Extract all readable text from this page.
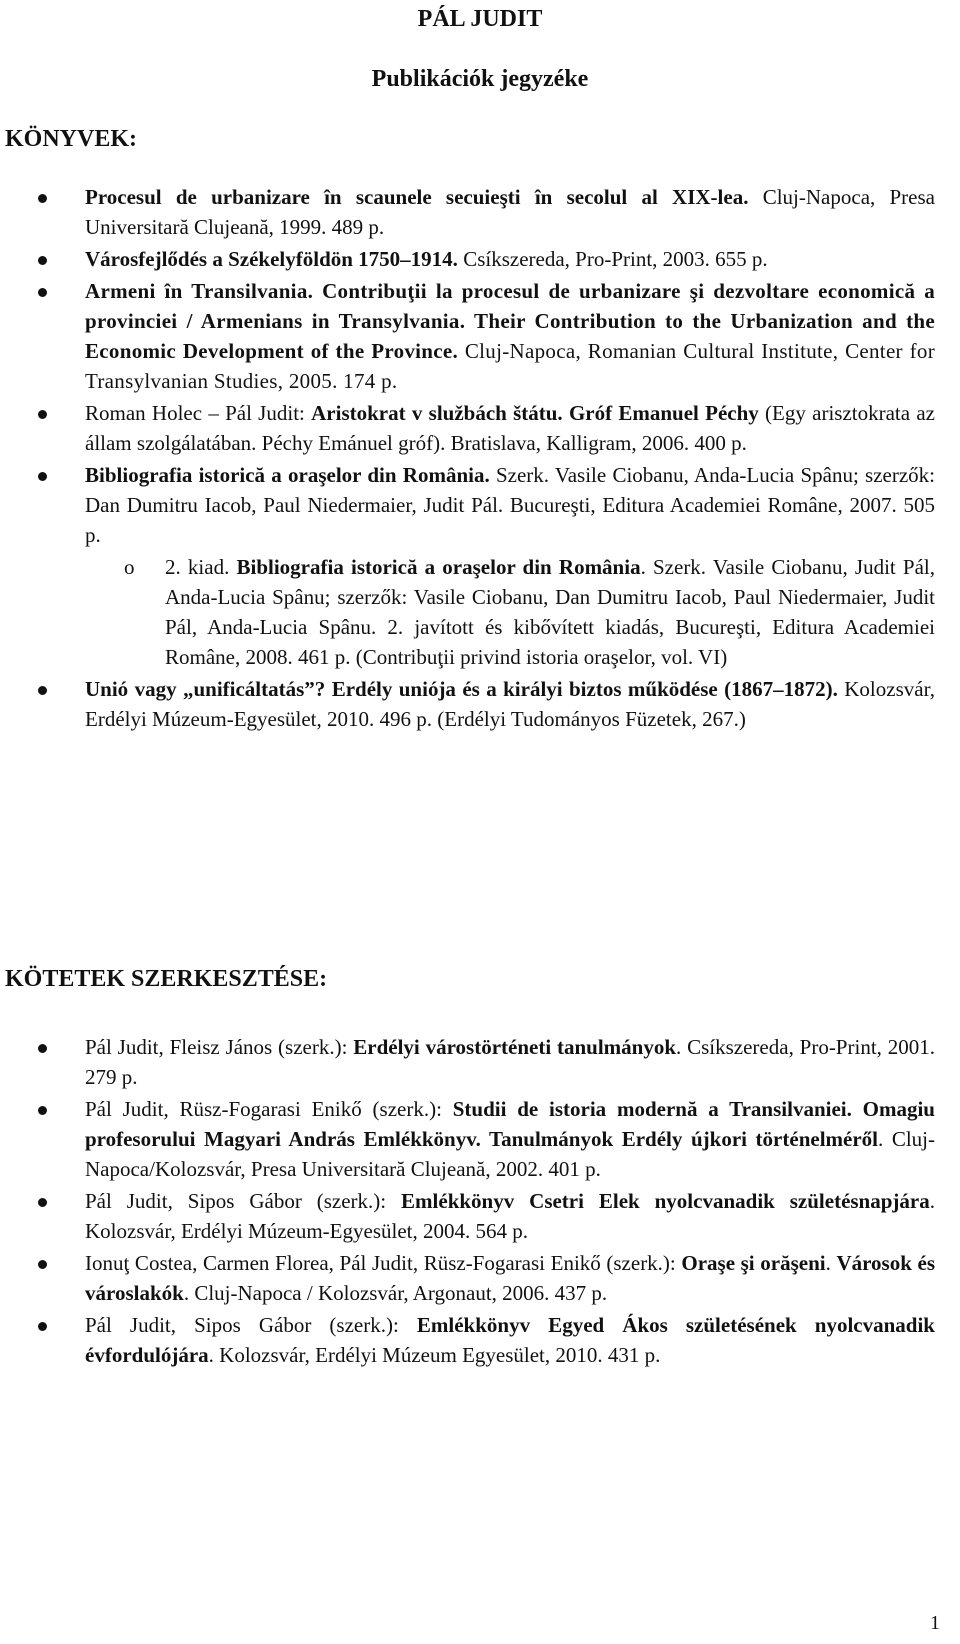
PÁL JUDIT
Publikációk jegyzéke
KÖNYVEK:
Procesul de urbanizare în scaunele secuieşti în secolul al XIX-lea. Cluj-Napoca, Presa Universitară Clujeană, 1999. 489 p.
Városfejlődés a Székelyföldön 1750–1914. Csíkszereda, Pro-Print, 2003. 655 p.
Armeni în Transilvania. Contribuţii la procesul de urbanizare şi dezvoltare economică a provinciei / Armenians in Transylvania. Their Contribution to the Urbanization and the Economic Development of the Province. Cluj-Napoca, Romanian Cultural Institute, Center for Transylvanian Studies, 2005. 174 p.
Roman Holec – Pál Judit: Aristokrat v službách štátu. Gróf Emanuel Péchy (Egy arisztokrata az állam szolgálatában. Péchy Emánuel gróf). Bratislava, Kalligram, 2006. 400 p.
Bibliografia istorică a oraşelor din România. Szerk. Vasile Ciobanu, Anda-Lucia Spânu; szerzők: Dan Dumitru Iacob, Paul Niedermaier, Judit Pál. Bucureşti, Editura Academiei Române, 2007. 505 p.
o 2. kiad. Bibliografia istorică a oraşelor din România. Szerk. Vasile Ciobanu, Judit Pál, Anda-Lucia Spânu; szerzők: Vasile Ciobanu, Dan Dumitru Iacob, Paul Niedermaier, Judit Pál, Anda-Lucia Spânu. 2. javított és kibővített kiadás, Bucureşti, Editura Academiei Române, 2008. 461 p. (Contribuţii privind istoria oraşelor, vol. VI)
Unió vagy „unificáltatás”? Erdély uniója és a királyi biztos működése (1867–1872). Kolozsvár, Erdélyi Múzeum-Egyesület, 2010. 496 p. (Erdélyi Tudományos Füzetek, 267.)
KÖTETEK SZERKESZTÉSE:
Pál Judit, Fleisz János (szerk.): Erdélyi várostörténeti tanulmányok. Csíkszereda, Pro-Print, 2001. 279 p.
Pál Judit, Rüsz-Fogarasi Enikő (szerk.): Studii de istoria modernă a Transilvaniei. Omagiu profesorului Magyari András Emlékkönyv. Tanulmányok Erdély újkori történelméről. Cluj-Napoca/Kolozsvár, Presa Universitară Clujeană, 2002. 401 p.
Pál Judit, Sipos Gábor (szerk.): Emlékkönyv Csetri Elek nyolcvanadik születésnapjára. Kolozsvár, Erdélyi Múzeum-Egyesület, 2004. 564 p.
Ionuţ Costea, Carmen Florea, Pál Judit, Rüsz-Fogarasi Enikő (szerk.): Oraşe şi orăşeni. Városok és városlakók. Cluj-Napoca / Kolozsvár, Argonaut, 2006. 437 p.
Pál Judit, Sipos Gábor (szerk.): Emlékkönyv Egyed Ákos születésének nyolcvanadik évfordulójára. Kolozsvár, Erdélyi Múzeum Egyesület, 2010. 431 p.
1
